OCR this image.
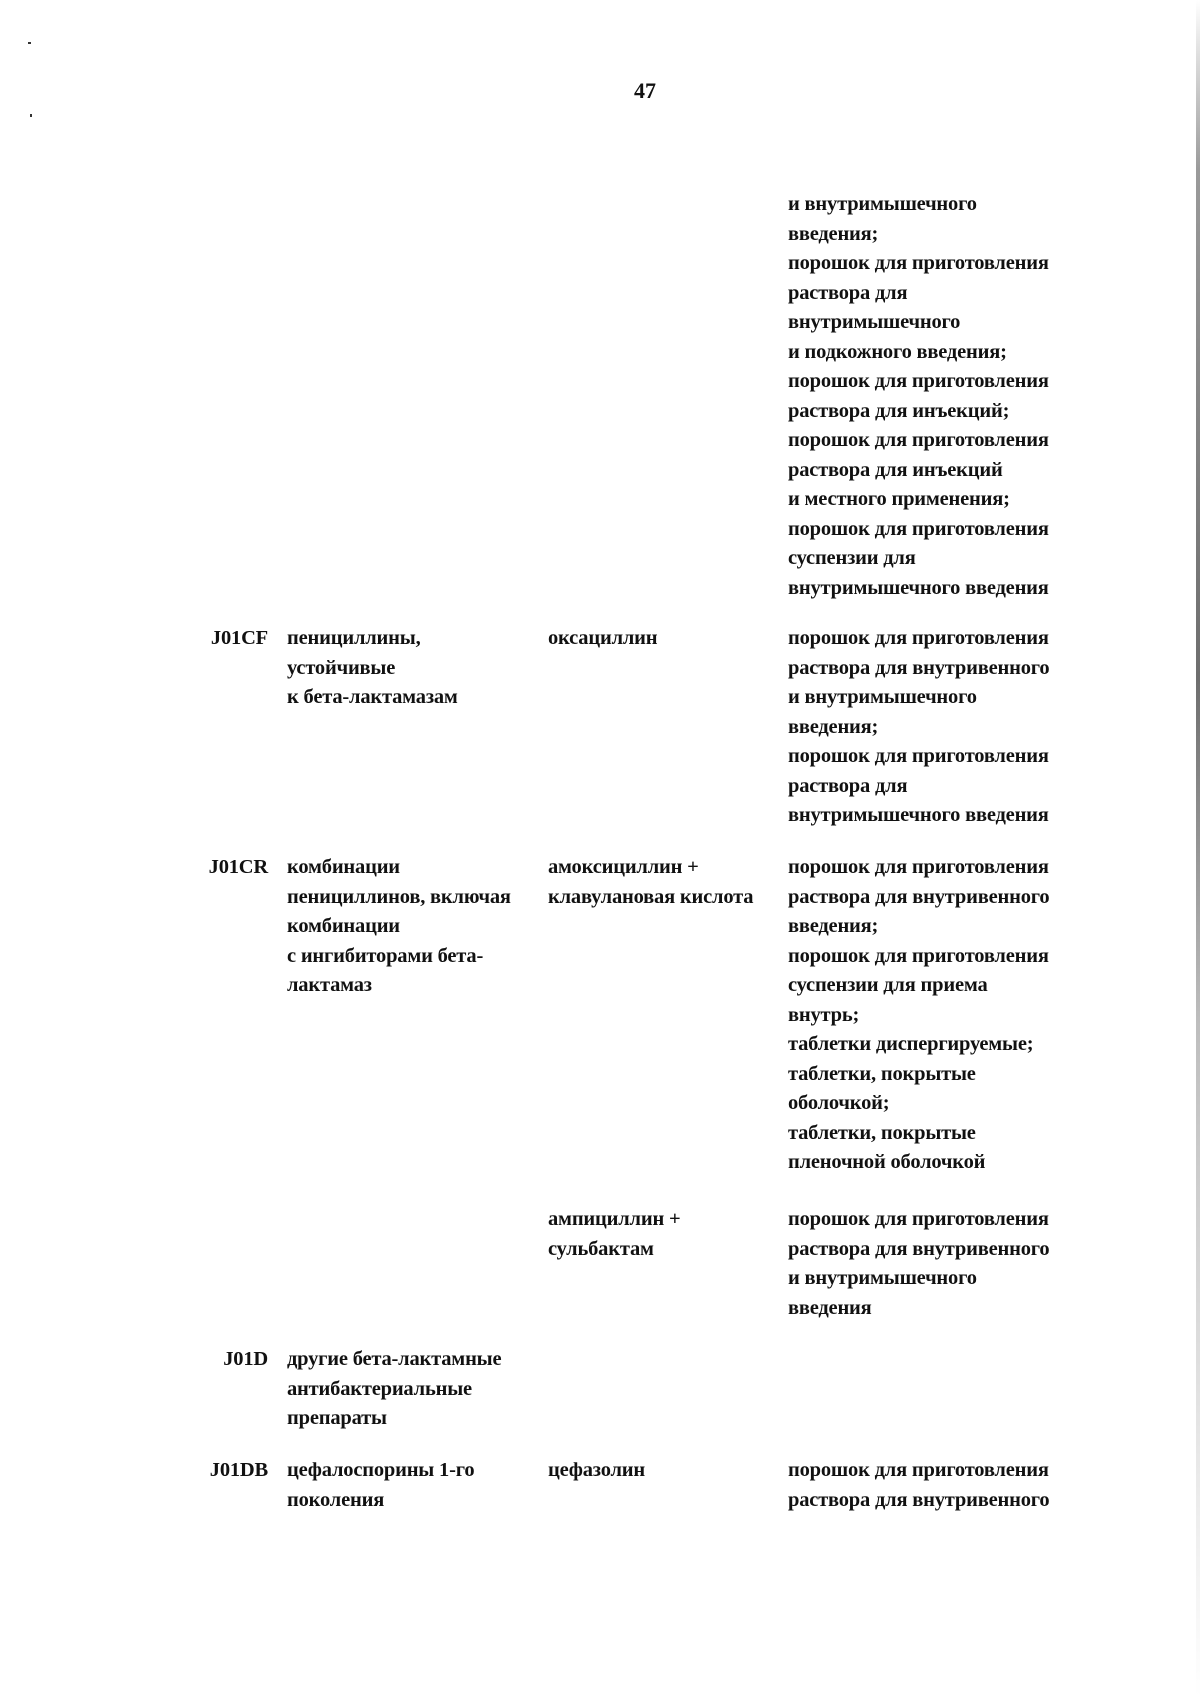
47
и внутримышечного
введения;
порошок для приготовления
раствора для
внутримышечного
и подкожного введения;
порошок для приготовления
раствора для инъекций;
порошок для приготовления
раствора для инъекций
и местного применения;
порошок для приготовления
суспензии для
внутримышечного введения
J01CF пенициллины,
устойчивые
к бета-лактамазам
оксациллин	порошок для приготовления
раствора для внутривенного
и внутримышечного
введения;
порошок для приготовления
раствора для
внутримышечного введения
J01CR комбинации
пенициллинов, включая
комбинации
с ингибиторами бета-
лактамаз
амоксициллин +
клавулановая кислота
порошок для приготовления
раствора для внутривенного
введения;
порошок для приготовления
суспензии для приема
внутрь;
таблетки диспергируемые;
таблетки, покрытые
оболочкой;
таблетки, покрытые
пленочной оболочкой
ампициллин +
сульбактам
порошок для приготовления
раствора для внутривенного
и внутримышечного
введения
J01D другие бета-лактамные
антибактериальные
препараты
J01DB цефалоспорины 1-го
поколения
цефазолин	порошок для приготовления
раствора для внутривенного
